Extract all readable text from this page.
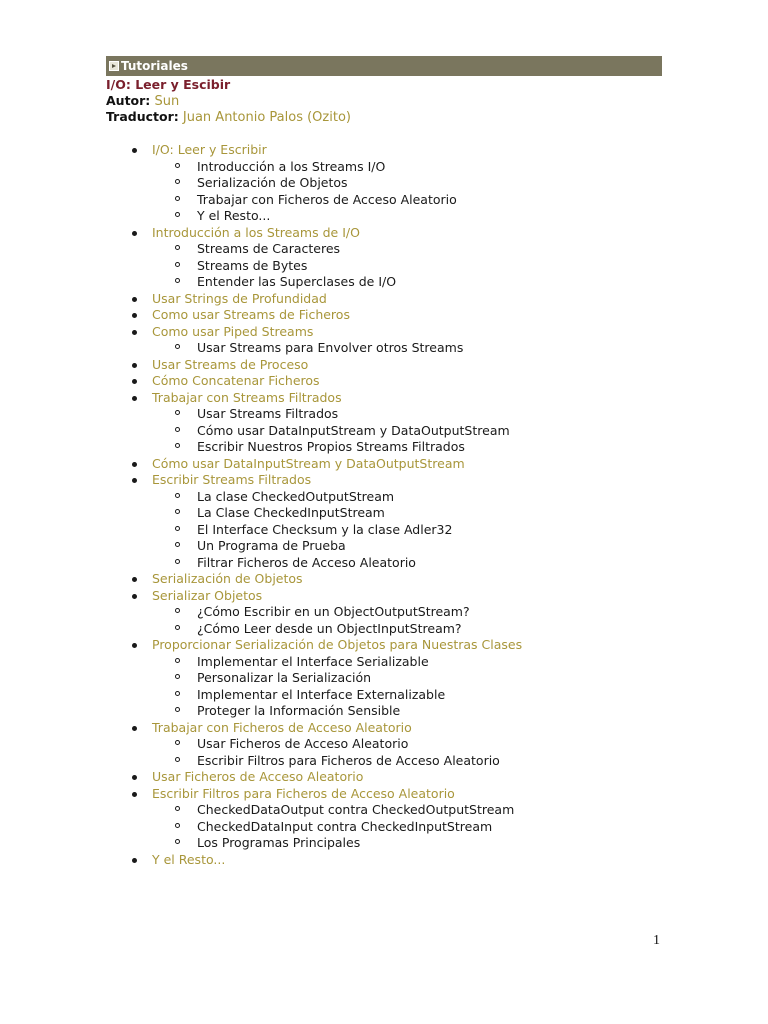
Tutoriales
I/O: Leer y Escibir
Autor: Sun
Traductor: Juan Antonio Palos (Ozito)
I/O: Leer y Escribir
Introducción a los Streams I/O
Serialización de Objetos
Trabajar con Ficheros de Acceso Aleatorio
Y el Resto...
Introducción a los Streams de I/O
Streams de Caracteres
Streams de Bytes
Entender las Superclases de I/O
Usar Strings de Profundidad
Como usar Streams de Ficheros
Como usar Piped Streams
Usar Streams para Envolver otros Streams
Usar Streams de Proceso
Cómo Concatenar Ficheros
Trabajar con Streams Filtrados
Usar Streams Filtrados
Cómo usar DataInputStream y DataOutputStream
Escribir Nuestros Propios Streams Filtrados
Cómo usar DataInputStream y DataOutputStream
Escribir Streams Filtrados
La clase CheckedOutputStream
La Clase CheckedInputStream
El Interface Checksum y la clase Adler32
Un Programa de Prueba
Filtrar Ficheros de Acceso Aleatorio
Serialización de Objetos
Serializar Objetos
¿Cómo Escribir en un ObjectOutputStream?
¿Cómo Leer desde un ObjectInputStream?
Proporcionar Serialización de Objetos para Nuestras Clases
Implementar el Interface Serializable
Personalizar la Serialización
Implementar el Interface Externalizable
Proteger la Información Sensible
Trabajar con Ficheros de Acceso Aleatorio
Usar Ficheros de Acceso Aleatorio
Escribir Filtros para Ficheros de Acceso Aleatorio
Usar Ficheros de Acceso Aleatorio
Escribir Filtros para Ficheros de Acceso Aleatorio
CheckedDataOutput contra CheckedOutputStream
CheckedDataInput contra CheckedInputStream
Los Programas Principales
Y el Resto...
1
